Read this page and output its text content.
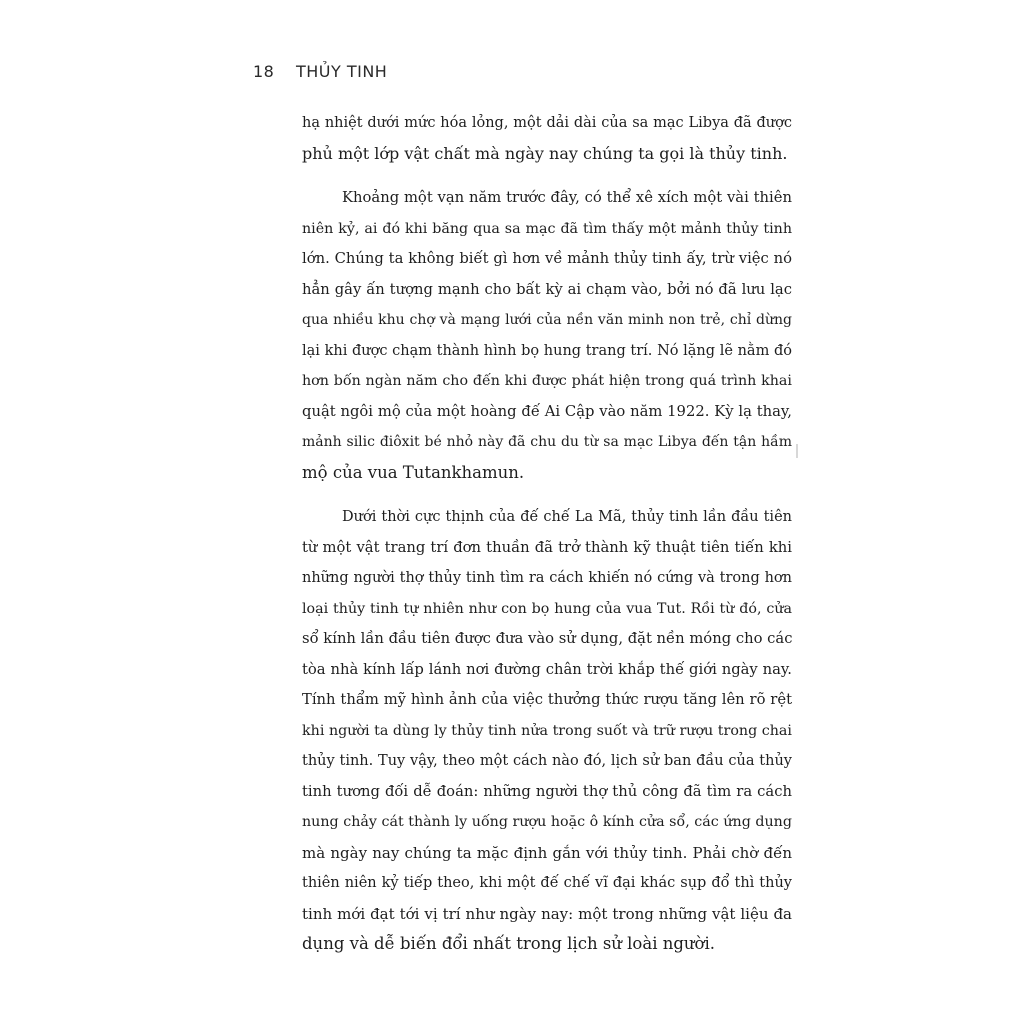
18 THỦY TINH
hạ nhiệt dưới mức hóa lỏng, một dải dài của sa mạc Libya đã được
phủ một lớp vật chất mà ngày nay chúng ta gọi là thủy tinh.
Khoảng một vạn năm trước đây, có thể xê xích một vài thiên
niên kỷ, ai đó khi băng qua sa mạc đã tìm thấy một mảnh thủy tinh
lớn. Chúng ta không biết gì hơn về mảnh thủy tinh ấy, trừ việc nó
hẳn gây ấn tượng mạnh cho bất kỳ ai chạm vào, bởi nó đã lưu lạc
qua nhiều khu chợ và mạng lưới của nền văn minh non trẻ, chỉ dừng
lại khi được chạm thành hình bọ hung trang trí. Nó lặng lẽ nằm đó
hơn bốn ngàn năm cho đến khi được phát hiện trong quá trình khai
quật ngôi mộ của một hoàng đế Ai Cập vào năm 1922. Kỳ lạ thay,
mảnh silic điôxit bé nhỏ này đã chu du từ sa mạc Libya đến tận hầm
mộ của vua Tutankhamun.
Dưới thời cực thịnh của đế chế La Mã, thủy tinh lần đầu tiên
từ một vật trang trí đơn thuần đã trở thành kỹ thuật tiên tiến khi
những người thợ thủy tinh tìm ra cách khiến nó cứng và trong hơn
loại thủy tinh tự nhiên như con bọ hung của vua Tut. Rồi từ đó, cửa
sổ kính lần đầu tiên được đưa vào sử dụng, đặt nền móng cho các
tòa nhà kính lấp lánh nơi đường chân trời khắp thế giới ngày nay.
Tính thẩm mỹ hình ảnh của việc thưởng thức rượu tăng lên rõ rệt
khi người ta dùng ly thủy tinh nửa trong suốt và trữ rượu trong chai
thủy tinh. Tuy vậy, theo một cách nào đó, lịch sử ban đầu của thủy
tinh tương đối dễ đoán: những người thợ thủ công đã tìm ra cách
nung chảy cát thành ly uống rượu hoặc ô kính cửa sổ, các ứng dụng
mà ngày nay chúng ta mặc định gắn với thủy tinh. Phải chờ đến
thiên niên kỷ tiếp theo, khi một đế chế vĩ đại khác sụp đổ thì thủy
tinh mới đạt tới vị trí như ngày nay: một trong những vật liệu đa
dụng và dễ biến đổi nhất trong lịch sử loài người.
